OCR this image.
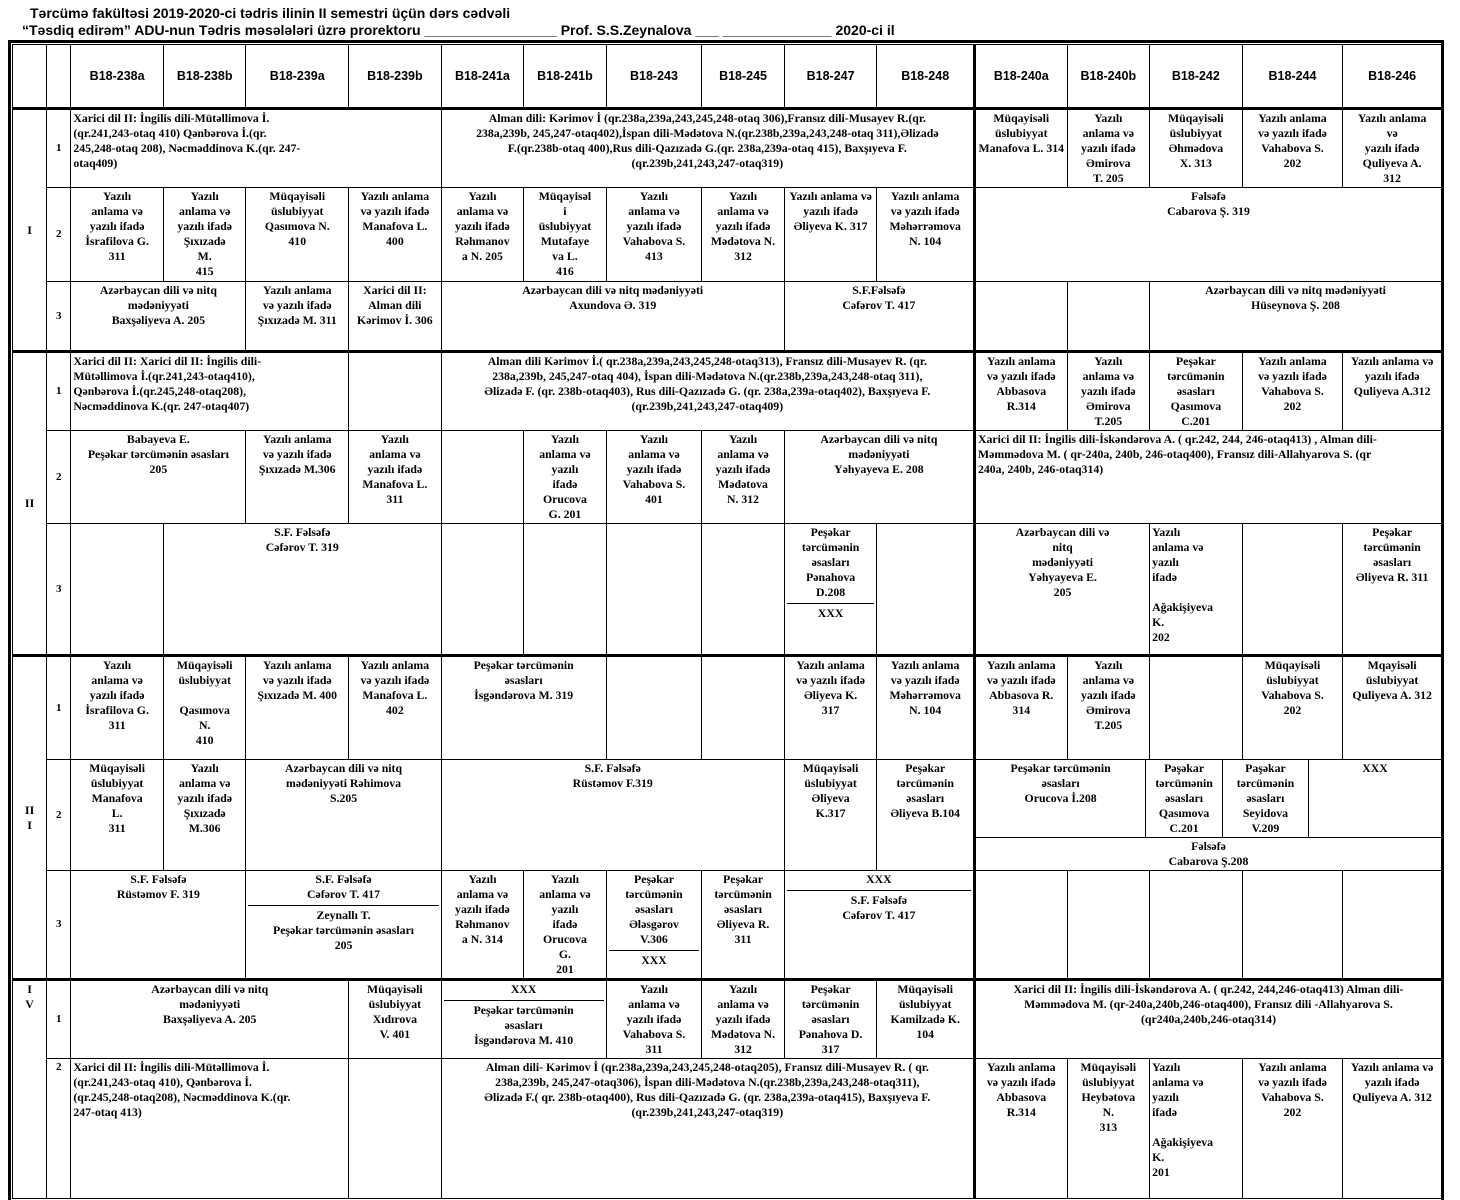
Tərcümə fakültəsi 2019-2020-ci tədris ilinin II semestri üçün dərs cədvəli
“Təsdiq edirəm” ADU-nun Tədris məsələləri üzrə prorektoru _________________ Prof. S.S.Zeynalova ___ ______________ 2020-ci il
		B18-238a	B18-238b	B18-239a	B18-239b	B18-241a	B18-241b	B18-243	B18-245	B18-247	B18-248	B18-240a	B18-240b	B18-242	B18-244	B18-246
I	1	Xarici dil II: İngilis dili-Mütəllimova İ.
(qr.241,243-otaq 410) Qənbərova İ.(qr.
245,248-otaq 208), Nəcməddinova K.(qr. 247-
otaq409)	Alman dili: Kərimov İ (qr.238a,239a,243,245,248-otaq 306),Fransız dili-Musayev R.(qr.
238a,239b, 245,247-otaq402),İspan dili-Mədətova N.(qr.238b,239a,243,248-otaq 311),Əlizadə
F.(qr.238b-otaq 400),Rus dili-Qazızadə G.(qr. 238a,239a-otaq 415), Baxşıyeva F.
(qr.239b,241,243,247-otaq319)	Müqayisəli
üslubiyyat
Manafova L. 314	Yazılı
anlama və
yazılı ifadə
Əmirova
T. 205	Müqayisəli
üslubiyyat
Əhmədova
X. 313	Yazılı anlama
və yazılı ifadə
Vahabova S.
202	Yazılı anlama
və
yazılı ifadə
Quliyeva A.
312
2	Yazılı
anlama və
yazılı ifadə
İsrafilova G.
311	Yazılı
anlama və
yazılı ifadə
Şıxızadə
M.
415	Müqayisəli
üslubiyyat
Qasımova N.
410	Yazılı anlama
və yazılı ifadə
Manafova L.
400	Yazılı
anlama və
yazılı ifadə
Rəhmanov
a N. 205	Müqayisəl
i
üslubiyyat
Mutafaye
va L.
416	Yazılı
anlama və
yazılı ifadə
Vahabova S.
413	Yazılı
anlama və
yazılı ifadə
Mədətova N.
312	Yazılı anlama və
yazılı ifadə
Əliyeva K. 317	Yazılı anlama
və yazılı ifadə
Məhərrəmova
N. 104	Fəlsəfə
Cabarova Ş. 319
3	Azərbaycan dili və nitq
mədəniyyəti
Baxşəliyeva A. 205	Yazılı anlama
və yazılı ifadə
Şıxızadə M. 311	Xarici dil II:
Alman dili
Kərimov İ. 306	Azərbaycan dili və nitq mədəniyyəti
Axundova Ə. 319	S.F.Fəlsəfə
Cəfərov T. 417			Azərbaycan dili və nitq mədəniyyəti
Hüseynova Ş. 208
II	1	Xarici dil II: Xarici dil II: İngilis dili-
Mütəllimova İ.(qr.241,243-otaq410),
Qənbərova İ.(qr.245,248-otaq208),
Nəcməddinova K.(qr. 247-otaq407)		Alman dili Kərimov İ.( qr.238a,239a,243,245,248-otaq313), Fransız dili-Musayev R. (qr.
238a,239b, 245,247-otaq 404), İspan dili-Mədətova N.(qr.238b,239a,243,248-otaq 311),
Əlizadə F. (qr. 238b-otaq403), Rus dili-Qazızadə G. (qr. 238a,239a-otaq402), Baxşıyeva F.
(qr.239b,241,243,247-otaq409)	Yazılı anlama
və yazılı ifadə
Abbasova
R.314	Yazılı
anlama və
yazılı ifadə
Əmirova
T.205	Peşəkar
tərcümənin
əsasları
Qasımova
C.201	Yazılı anlama
və yazılı ifadə
Vahabova S.
202	Yazılı anlama və
yazılı ifadə
Quliyeva A.312
2	Babayeva E.
Peşəkar tərcümənin əsasları
205	Yazılı anlama
və yazılı ifadə
Şıxızadə M.306	Yazılı
anlama və
yazılı ifadə
Manafova L.
311		Yazılı
anlama və
yazılı
ifadə
Orucova
G. 201	Yazılı
anlama və
yazılı ifadə
Vahabova S.
401	Yazılı
anlama və
yazılı ifadə
Mədətova
N. 312	Azərbaycan dili və nitq
mədəniyyəti
Yəhyayeva E. 208	Xarici dil II: İngilis dili-İskəndərova A. ( qr.242, 244, 246-otaq413) , Alman dili-
Məmmədova M. ( qr-240a, 240b, 246-otaq400), Fransız dili-Allahyarova S. (qr
240a, 240b, 246-otaq314)
3		S.F. Fəlsəfə
Cəfərov T. 319					
Peşəkar
tərcümənin
əsasları
Pənahova
D.208
XXX
		Azərbaycan dili və
nitq
mədəniyyəti
Yəhyayeva E.
205	Yazılı
anlama və
yazılı
ifadə

Ağakişiyeva
K.
202		Peşəkar
tərcümənin
əsasları
Əliyeva R. 311
II
I	1	Yazılı
anlama və
yazılı ifadə
İsrafilova G.
311	Müqayisəli
üslubiyyat

Qasımova
N.
410	Yazılı anlama
və yazılı ifadə
Şıxızadə M. 400	Yazılı anlama
və yazılı ifadə
Manafova L.
402	Peşəkar tərcümənin
əsasları
İsgəndərova M. 319			Yazılı anlama
və yazılı ifadə
Əliyeva K.
317	Yazılı anlama
və yazılı ifadə
Məhərrəmova
N. 104	Yazılı anlama
və yazılı ifadə
Abbasova R.
314	Yazılı
anlama və
yazılı ifadə
Əmirova
T.205		Müqayisəli
üslubiyyat
Vahabova S.
202	Mqayisəli
üslubiyyat
Quliyeva A. 312
2	Müqayisəli
üslubiyyat
Manafova
L.
311	Yazılı
anlama və
yazılı ifadə
Şıxızadə
M.306	Azərbaycan dili və nitq
mədəniyyəti Rəhimova
S.205	S.F. Fəlsəfə
Rüstəmov F.319	Müqayisəli
üslubiyyat
Əliyeva
K.317	Peşəkar
tərcümənin
əsasları
Əliyeva B.104	
Peşəkar tərcümənin
əsasları
Orucova İ.208	Pəşəkar
tərcümənin
əsasları
Qasımova
C.201	Paşəkar
tərcümənin
əsasları
Seyidova
V.209	XXX
Fəlsəfə
Cabarova Ş.208

3	S.F. Fəlsəfə
Rüstəmov F. 319	
S.F. Fəlsəfə
Cəfərov T. 417
Zeynallı T.
Peşəkar tərcümənin əsasları
205
	Yazılı
anlama və
yazılı ifadə
Rəhmanov
a N. 314	Yazılı
anlama və
yazılı
ifadə
Orucova
G.
201	
Peşəkar
tərcümənin
əsasları
Ələsgərov
V.306
XXX
	Peşəkar
tərcümənin
əsasları
Əliyeva R.
311	
XXX
S.F. Fəlsəfə
Cəfərov T. 417

I
V	1	Azərbaycan dili və nitq
mədəniyyəti
Baxşəliyeva A. 205	Müqayisəli
üslubiyyat
Xıdırova
V. 401	
XXX
Peşəkar tərcümənin
əsasları
İsgəndərova M. 410
	Yazılı
anlama və
yazılı ifadə
Vahabova S.
311	Yazılı
anlama və
yazılı ifadə
Mədətova N.
312	Peşəkar
tərcümənin
əsasları
Pənahova D.
317	Müqayisəli
üslubiyyat
Kamilzadə K.
104	Xarici dil II: İngilis dili-İskəndərova A. ( qr.242, 244,246-otaq413) Alman dili-
Məmmədova M. (qr-240a,240b,246-otaq400), Fransız dili -Allahyarova S.
(qr240a,240b,246-otaq314)
2	Xarici dil II: İngilis dili-Mütəllimova İ.
(qr.241,243-otaq 410), Qənbərova İ.
(qr.245,248-otaq208), Nəcməddinova K.(qr.
247-otaq 413)		Alman dili- Kərimov İ (qr.238a,239a,243,245,248-otaq205), Fransız dili-Musayev R. ( qr.
238a,239b, 245,247-otaq306), İspan dili-Mədətova N.(qr.238b,239a,243,248-otaq311),
Əlizadə F.( qr. 238b-otaq400), Rus dili-Qazızadə G. (qr. 238a,239a-otaq415), Baxşıyeva F.
(qr.239b,241,243,247-otaq319)	Yazılı anlama
və yazılı ifadə
Abbasova
R.314	Müqayisəli
üslubiyyat
Heybətova
N.
313	Yazılı
anlama və
yazılı
ifadə

Ağakişiyeva
K.
201	Yazılı anlama
və yazılı ifadə
Vahabova S.
202	Yazılı anlama və
yazılı ifadə
Quliyeva A. 312
